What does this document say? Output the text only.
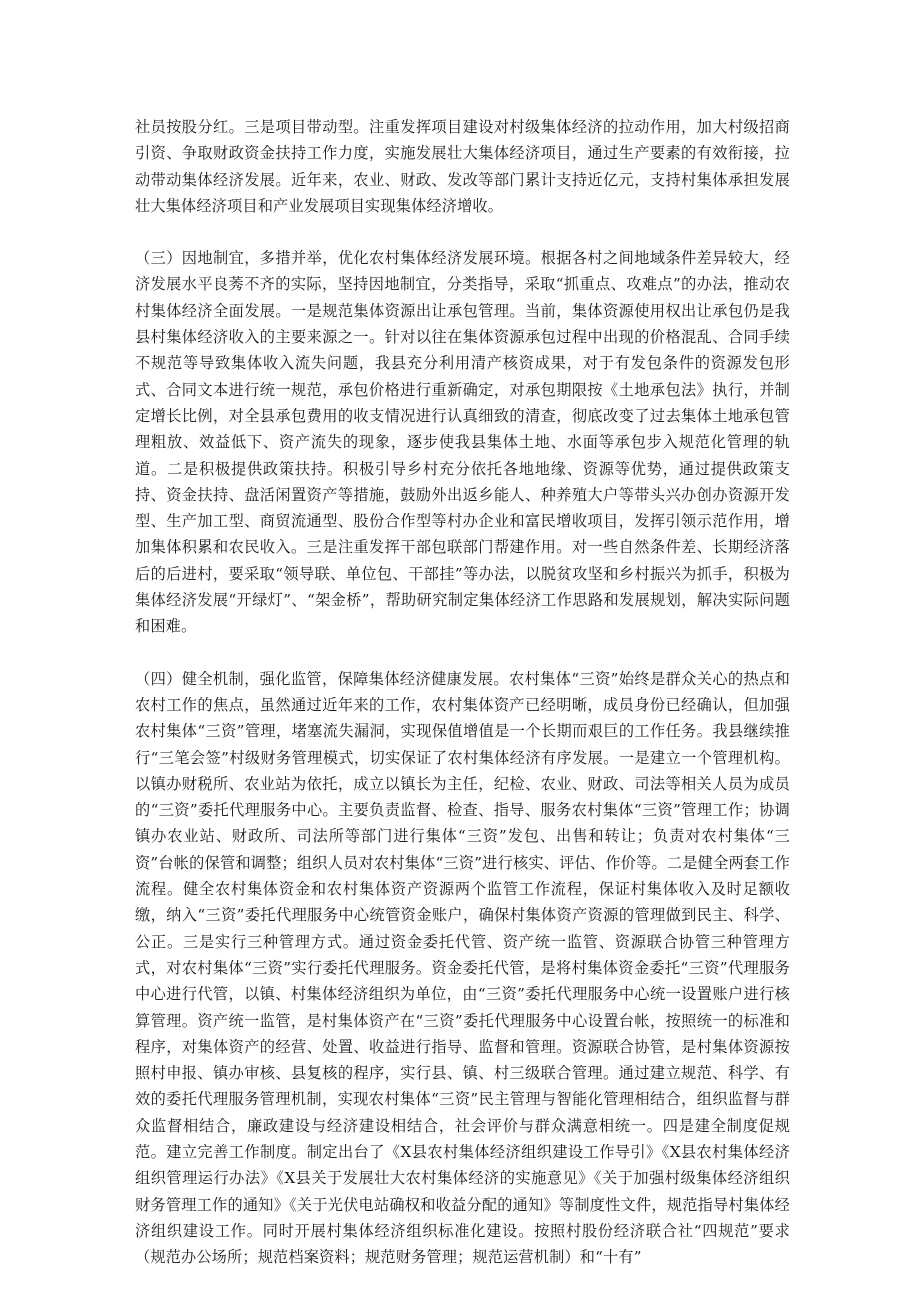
社员按股分红。三是项目带动型。注重发挥项目建设对村级集体经济的拉动作用，加大村级招商引资、争取财政资金扶持工作力度，实施发展壮大集体经济项目，通过生产要素的有效衔接，拉动带动集体经济发展。近年来，农业、财政、发改等部门累计支持近亿元，支持村集体承担发展壮大集体经济项目和产业发展项目实现集体经济增收。

（三）因地制宜，多措并举，优化农村集体经济发展环境。根据各村之间地域条件差异较大，经济发展水平良莠不齐的实际，坚持因地制宜，分类指导，采取“抓重点、攻难点”的办法，推动农村集体经济全面发展。一是规范集体资源出让承包管理。当前，集体资源使用权出让承包仍是我县村集体经济收入的主要来源之一。针对以往在集体资源承包过程中出现的价格混乱、合同手续不规范等导致集体收入流失问题，我县充分利用清产核资成果，对于有发包条件的资源发包形式、合同文本进行统一规范，承包价格进行重新确定，对承包期限按《土地承包法》执行，并制定增长比例，对全县承包费用的收支情况进行认真细致的清查，彻底改变了过去集体土地承包管理粗放、效益低下、资产流失的现象，逐步使我县集体土地、水面等承包步入规范化管理的轨道。二是积极提供政策扶持。积极引导乡村充分依托各地地缘、资源等优势，通过提供政策支持、资金扶持、盘活闲置资产等措施，鼓励外出返乡能人、种养殖大户等带头兴办创办资源开发型、生产加工型、商贸流通型、股份合作型等村办企业和富民增收项目，发挥引领示范作用，增加集体积累和农民收入。三是注重发挥干部包联部门帮建作用。对一些自然条件差、长期经济落后的后进村，要采取“领导联、单位包、干部挂”等办法，以脱贫攻坚和乡村振兴为抓手，积极为集体经济发展“开绿灯”、“架金桥”，帮助研究制定集体经济工作思路和发展规划，解决实际问题和困难。

（四）健全机制，强化监管，保障集体经济健康发展。农村集体“三资”始终是群众关心的热点和农村工作的焦点，虽然通过近年来的工作，农村集体资产已经明晰，成员身份已经确认，但加强农村集体“三资”管理，堵塞流失漏洞，实现保值增值是一个长期而艰巨的工作任务。我县继续推行“三笔会签”村级财务管理模式，切实保证了农村集体经济有序发展。一是建立一个管理机构。以镇办财税所、农业站为依托，成立以镇长为主任，纪检、农业、财政、司法等相关人员为成员的“三资”委托代理服务中心。主要负责监督、检查、指导、服务农村集体“三资”管理工作；协调镇办农业站、财政所、司法所等部门进行集体“三资”发包、出售和转让；负责对农村集体“三资”台帐的保管和调整；组织人员对农村集体“三资”进行核实、评估、作价等。二是健全两套工作流程。健全农村集体资金和农村集体资产资源两个监管工作流程，保证村集体收入及时足额收缴，纳入“三资”委托代理服务中心统管资金账户，确保村集体资产资源的管理做到民主、科学、公正。三是实行三种管理方式。通过资金委托代管、资产统一监管、资源联合协管三种管理方式，对农村集体“三资”实行委托代理服务。资金委托代管，是将村集体资金委托“三资”代理服务中心进行代管，以镇、村集体经济组织为单位，由“三资”委托代理服务中心统一设置账户进行核算管理。资产统一监管，是村集体资产在“三资”委托代理服务中心设置台帐，按照统一的标准和程序，对集体资产的经营、处置、收益进行指导、监督和管理。资源联合协管，是村集体资源按照村申报、镇办审核、县复核的程序，实行县、镇、村三级联合管理。通过建立规范、科学、有效的委托代理服务管理机制，实现农村集体“三资”民主管理与智能化管理相结合，组织监督与群众监督相结合，廉政建设与经济建设相结合，社会评价与群众满意相统一。四是建全制度促规范。建立完善工作制度。制定出台了《X县农村集体经济组织建设工作导引》《X县农村集体经济组织管理运行办法》《X县关于发展壮大农村集体经济的实施意见》《关于加强村级集体经济组织财务管理工作的通知》《关于光伏电站确权和收益分配的通知》等制度性文件，规范指导村集体经济组织建设工作。同时开展村集体经济组织标准化建设。按照村股份经济联合社“四规范”要求（规范办公场所；规范档案资料；规范财务管理；规范运营机制）和“十有”
